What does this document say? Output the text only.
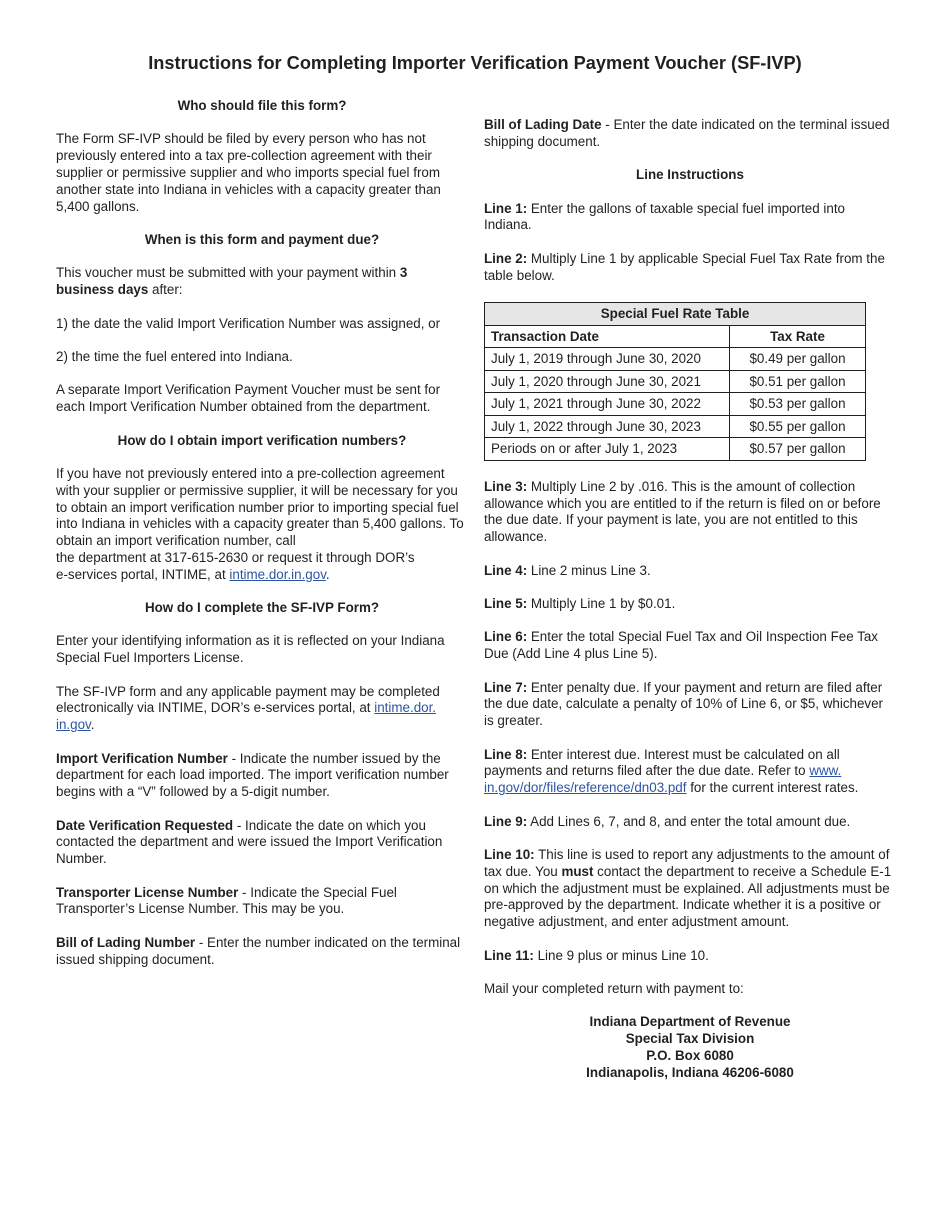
Instructions for Completing Importer Verification Payment Voucher (SF-IVP)

Who should file this form?

The Form SF-IVP should be filed by every person who has not previously entered into a tax pre-collection agreement with their supplier or permissive supplier and who imports special fuel from another state into Indiana in vehicles with a capacity greater than 5,400 gallons.

When is this form and payment due?

This voucher must be submitted with your payment within 3 business days after:

1) the date the valid Import Verification Number was assigned, or

2) the time the fuel entered into Indiana.

A separate Import Verification Payment Voucher must be sent for each Import Verification Number obtained from the department.

How do I obtain import verification numbers?

If you have not previously entered into a pre-collection agreement with your supplier or permissive supplier, it will be necessary for you to obtain an import verification number prior to importing special fuel into Indiana in vehicles with a capacity greater than 5,400 gallons. To obtain an import verification number, call
the department at 317-615-2630 or request it through DOR’s
e-services portal, INTIME, at intime.dor.in.gov.

How do I complete the SF-IVP Form?

Enter your identifying information as it is reflected on your Indiana Special Fuel Importers License.

The SF-IVP form and any applicable payment may be completed electronically via INTIME, DOR’s e-services portal, at intime.dor.
in.gov.

Import Verification Number - Indicate the number issued by the department for each load imported. The import verification number begins with a “V” followed by a 5-digit number.

Date Verification Requested - Indicate the date on which you contacted the department and were issued the Import Verification Number.

Transporter License Number - Indicate the Special Fuel Transporter’s License Number. This may be you.

Bill of Lading Number - Enter the number indicated on the terminal issued shipping document.

Bill of Lading Date - Enter the date indicated on the terminal issued shipping document.

Line Instructions

Line 1: Enter the gallons of taxable special fuel imported into Indiana.

Line 2: Multiply Line 1 by applicable Special Fuel Tax Rate from the table below.

Special Fuel Rate Table	
Transaction Date	Tax Rate
July 1, 2019 through June 30, 2020	$0.49 per gallon
July 1, 2020 through June 30, 2021	$0.51 per gallon
July 1, 2021 through June 30, 2022	$0.53 per gallon
July 1, 2022 through June 30, 2023	$0.55 per gallon
Periods on or after July 1, 2023	$0.57 per gallon

Line 3: Multiply Line 2 by .016. This is the amount of collection allowance which you are entitled to if the return is filed on or before the due date. If your payment is late, you are not entitled to this allowance.

Line 4: Line 2 minus Line 3.

Line 5: Multiply Line 1 by $0.01.

Line 6: Enter the total Special Fuel Tax and Oil Inspection Fee Tax Due (Add Line 4 plus Line 5).

Line 7: Enter penalty due. If your payment and return are filed after the due date, calculate a penalty of 10% of Line 6, or $5, whichever is greater.

Line 8: Enter interest due. Interest must be calculated on all payments and returns filed after the due date. Refer to www.
in.gov/dor/files/reference/dn03.pdf for the current interest rates.

Line 9: Add Lines 6, 7, and 8, and enter the total amount due.

Line 10: This line is used to report any adjustments to the amount of tax due. You must contact the department to receive a Schedule E-1 on which the adjustment must be explained. All adjustments must be pre-approved by the department. Indicate whether it is a positive or negative adjustment, and enter adjustment amount.

Line 11: Line 9 plus or minus Line 10.

Mail your completed return with payment to:

Indiana Department of Revenue
Special Tax Division
P.O. Box 6080
Indianapolis, Indiana 46206-6080
